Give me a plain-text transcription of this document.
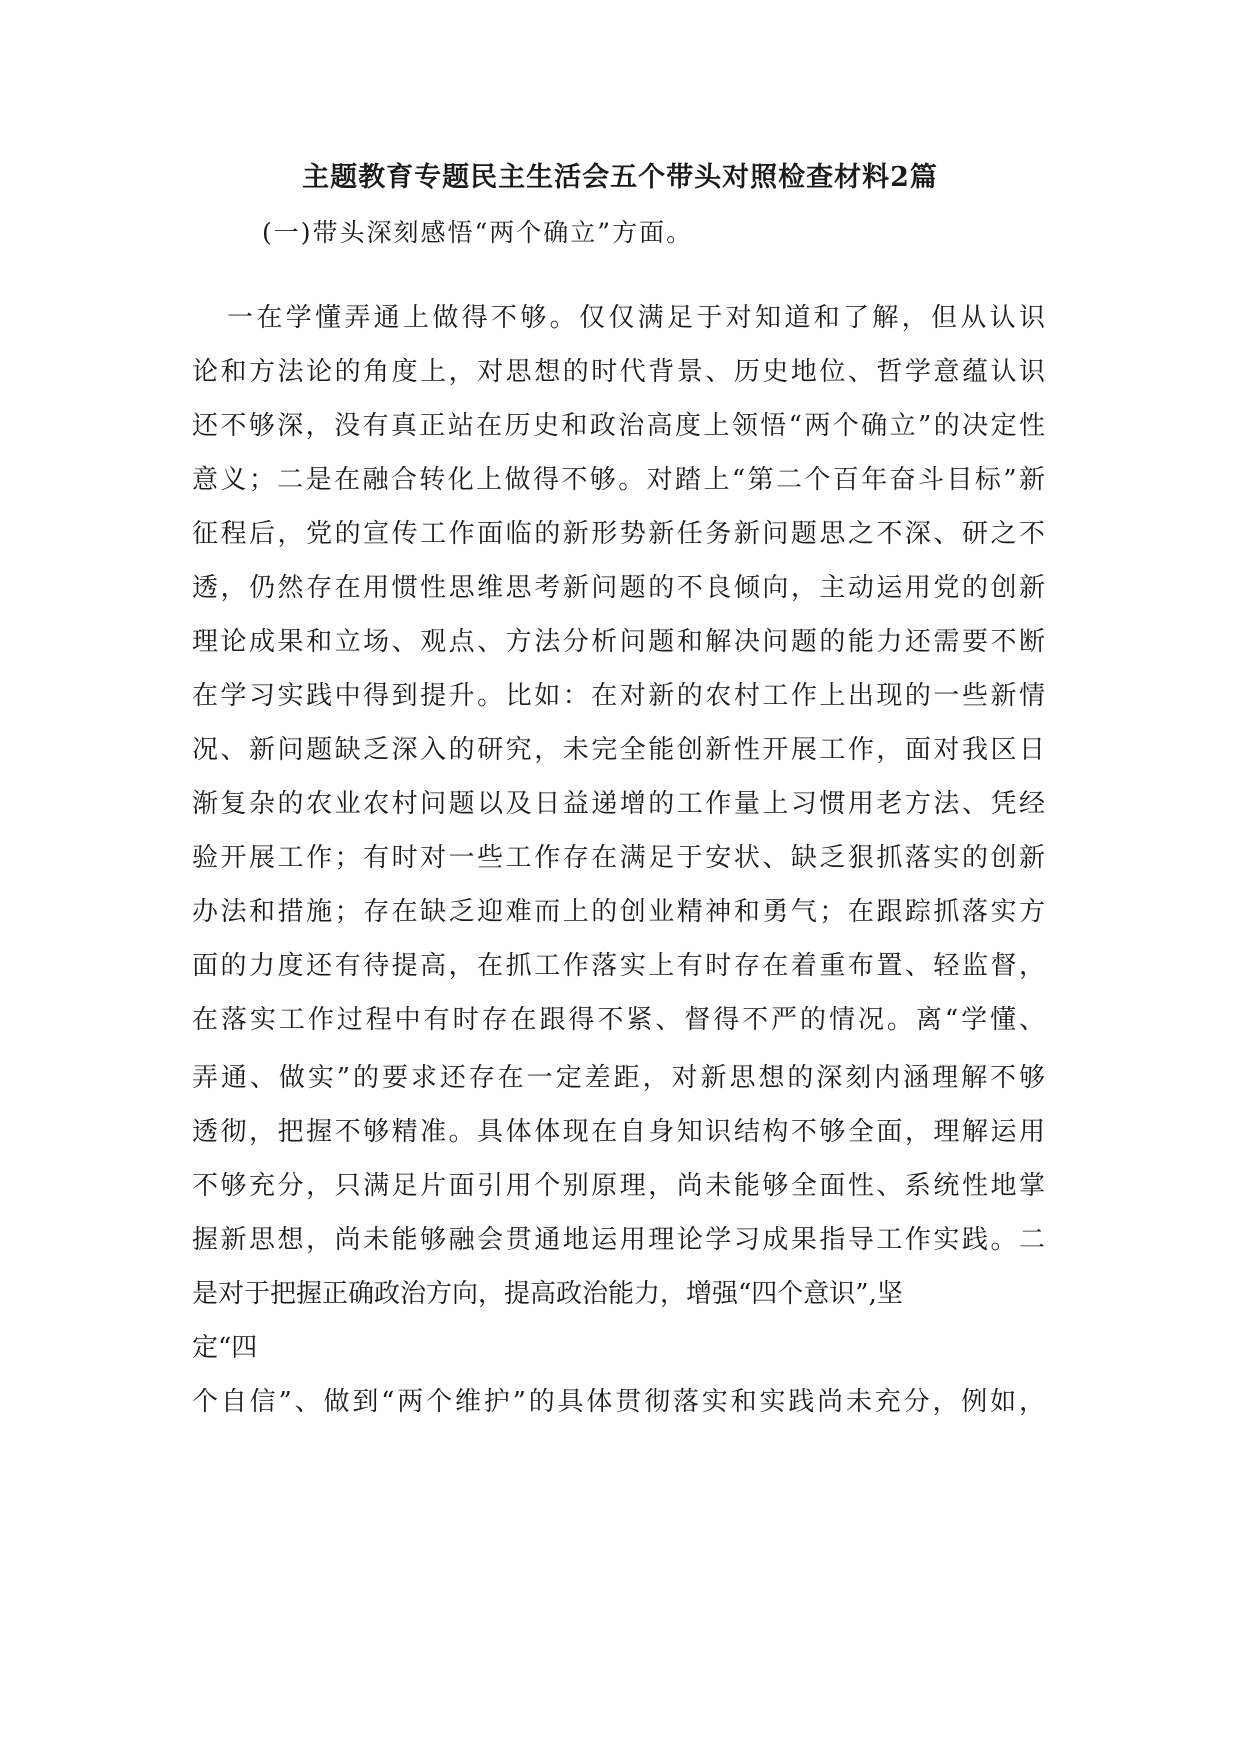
主题教育专题民主生活会五个带头对照检查材料2篇
(一)带头深刻感悟“两个确立”方面。
一在学懂弄通上做得不够。仅仅满足于对知道和了解，但从认识
论和方法论的角度上，对思想的时代背景、历史地位、哲学意蕴认识
还不够深，没有真正站在历史和政治高度上领悟“两个确立”的决定性
意义；二是在融合转化上做得不够。对踏上“第二个百年奋斗目标”新
征程后，党的宣传工作面临的新形势新任务新问题思之不深、研之不
透，仍然存在用惯性思维思考新问题的不良倾向，主动运用党的创新
理论成果和立场、观点、方法分析问题和解决问题的能力还需要不断
在学习实践中得到提升。比如：在对新的农村工作上出现的一些新情
况、新问题缺乏深入的研究，未完全能创新性开展工作，面对我区日
渐复杂的农业农村问题以及日益递增的工作量上习惯用老方法、凭经
验开展工作；有时对一些工作存在满足于安状、缺乏狠抓落实的创新
办法和措施；存在缺乏迎难而上的创业精神和勇气；在跟踪抓落实方
面的力度还有待提高，在抓工作落实上有时存在着重布置、轻监督，
在落实工作过程中有时存在跟得不紧、督得不严的情况。离“学懂、
弄通、做实”的要求还存在一定差距，对新思想的深刻内涵理解不够
透彻，把握不够精准。具体体现在自身知识结构不够全面，理解运用
不够充分，只满足片面引用个别原理，尚未能够全面性、系统性地掌
握新思想，尚未能够融会贯通地运用理论学习成果指导工作实践。二
是对于把握正确政治方向，提高政治能力，增强“四个意识”,坚
定“四
个自信”、做到“两个维护”的具体贯彻落实和实践尚未充分，例如，
